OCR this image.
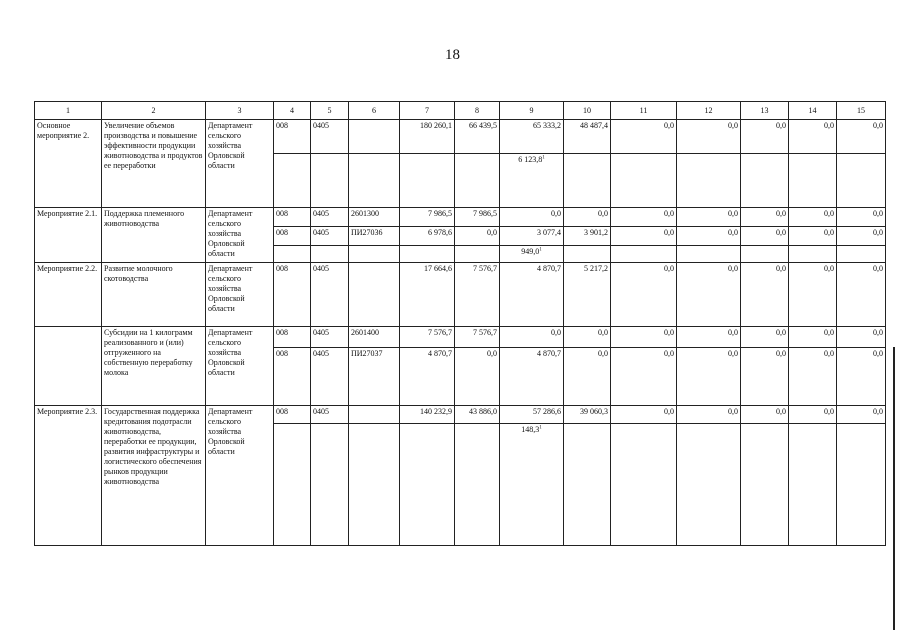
18
1	2	3	4	5	6	7	8	9	10	11	12	13	14	15
Основное мероприятие 2.	Увеличение объемов производства и повышение эффективности продукции животноводства и продуктов ее переработки	Департамент сельского хозяйства Орловской области	008	0405		180 260,1	66 439,5	65 333,2	48 487,4	0,0	0,0	0,0	0,0	0,0
								6 123,8$^1$						
Мероприятие 2.1.	Поддержка племенного животноводства	Департамент сельского хозяйства Орловской области	008	0405	2601300	7 986,5	7 986,5	0,0	0,0	0,0	0,0	0,0	0,0	0,0
			008	0405	ПИ27036	6 978,6	0,0	3 077,4	3 901,2	0,0	0,0	0,0	0,0	0,0
								949,0$^1$						
Мероприятие 2.2.	Развитие молочного скотоводства	Департамент сельского хозяйства Орловской области	008	0405		17 664,6	7 576,7	4 870,7	5 217,2	0,0	0,0	0,0	0,0	0,0
	Субсидии на 1 килограмм реализованного и (или) отгруженного на собственную переработку молока	Департамент сельского хозяйства Орловской области	008	0405	2601400	7 576,7	7 576,7	0,0	0,0	0,0	0,0	0,0	0,0	0,0
			008	0405	ПИ27037	4 870,7	0,0	4 870,7	0,0	0,0	0,0	0,0	0,0	0,0
Мероприятие 2.3.	Государственная поддержка кредитования подотрасли животноводства, переработки ее продукции, развития инфраструктуры и логистического обеспечения рынков продукции животноводства	Департамент сельского хозяйства Орловской области	008	0405		140 232,9	43 886,0	57 286,6	39 060,3	0,0	0,0	0,0	0,0	0,0
								148,3$^1$						
